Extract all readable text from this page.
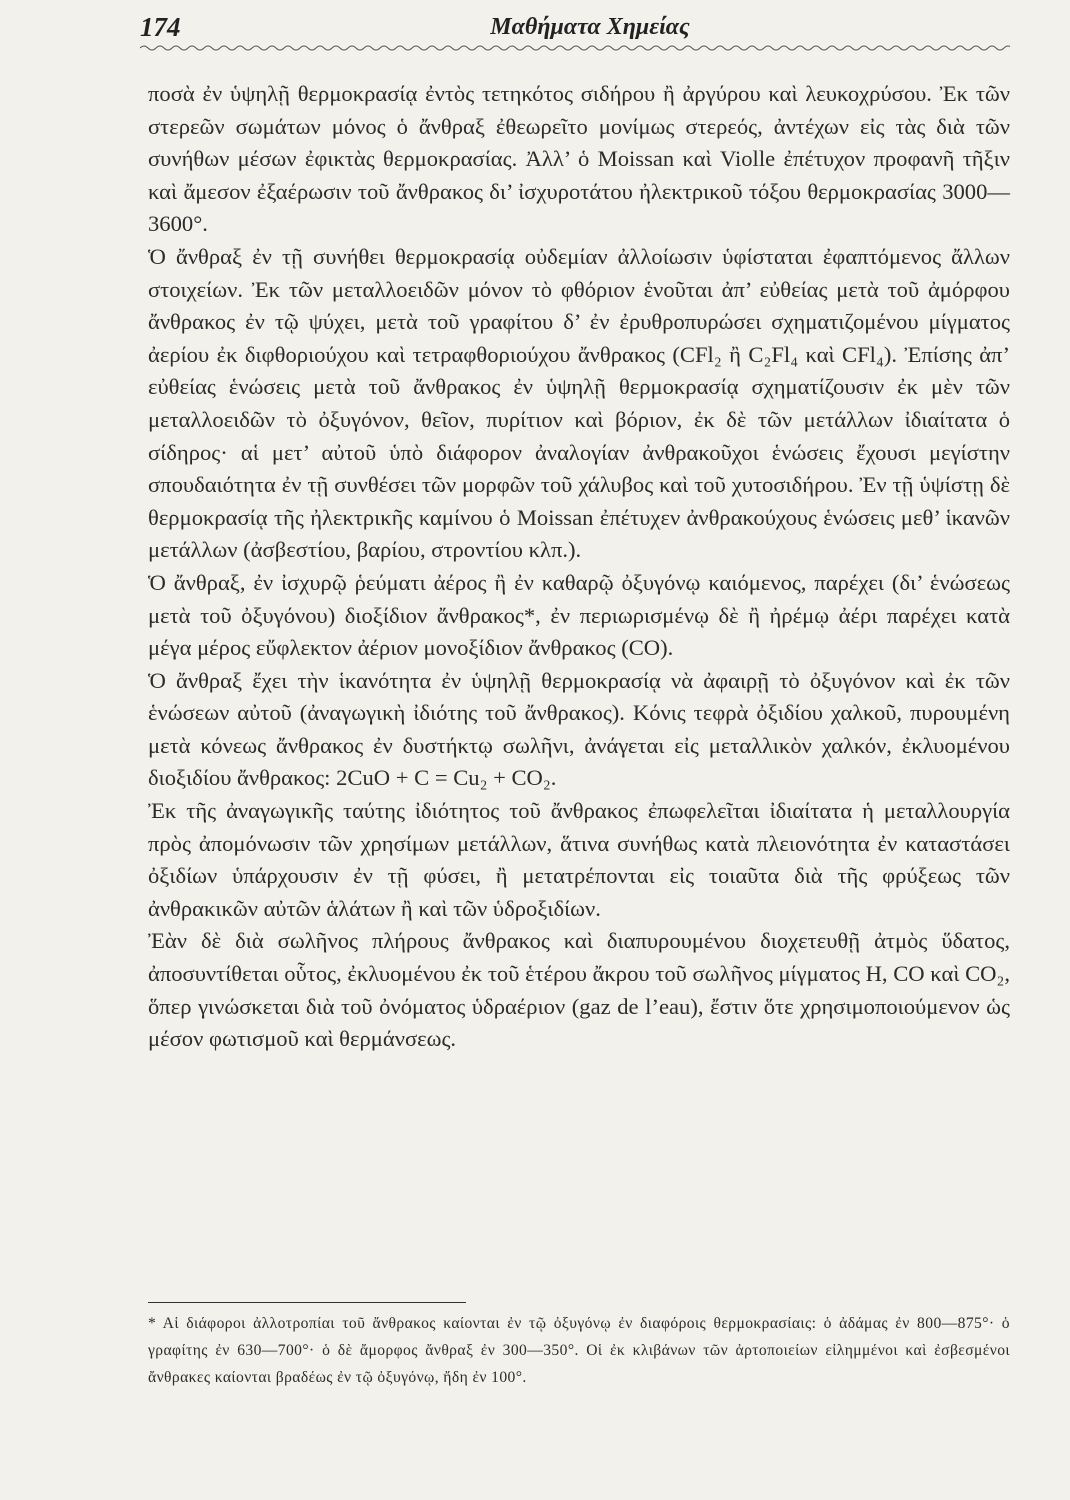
174	Μαθήματα Χημείας

ποσὰ ἐν ὑψηλῇ θερμοκρασίᾳ ἐντὸς τετηκότος σιδήρου ἢ ἀργύρου καὶ λευκοχρύσου. Ἐκ τῶν στερεῶν σωμάτων μόνος ὁ ἄνθραξ ἐθεωρεῖτο μονίμως στερεός, ἀντέχων εἰς τὰς διὰ τῶν συνήθων μέσων ἐφικτὰς θερμοκρασίας. Ἀλλ’ ὁ Moissan καὶ Violle ἐπέτυχον προφανῆ τῆξιν καὶ ἄμεσον ἐξαέρωσιν τοῦ ἄνθρακος δι’ ἰσχυροτάτου ἠλεκτρικοῦ τόξου θερμοκρασίας 3000—3600°.

Ὁ ἄνθραξ ἐν τῇ συνήθει θερμοκρασίᾳ οὐδεμίαν ἀλλοίωσιν ὑφίσταται ἐφαπτόμενος ἄλλων στοιχείων. Ἐκ τῶν μεταλλοειδῶν μόνον τὸ φθόριον ἑνοῦται ἀπ’ εὐθείας μετὰ τοῦ ἀμόρφου ἄνθρακος ἐν τῷ ψύχει, μετὰ τοῦ γραφίτου δ’ ἐν ἐρυθροπυρώσει σχηματιζομένου μίγματος ἀερίου ἐκ διφθοριούχου καὶ τετραφθοριούχου ἄνθρακος (CFl₂ ἢ C₂Fl₄ καὶ CFl₄). Ἐπίσης ἀπ’ εὐθείας ἑνώσεις μετὰ τοῦ ἄνθρακος ἐν ὑψηλῇ θερμοκρασίᾳ σχηματίζουσιν ἐκ μὲν τῶν μεταλλοειδῶν τὸ ὀξυγόνον, θεῖον, πυρίτιον καὶ βόριον, ἐκ δὲ τῶν μετάλλων ἰδιαίτατα ὁ σίδηρος· αἱ μετ’ αὐτοῦ ὑπὸ διάφορον ἀναλογίαν ἀνθρακοῦχοι ἑνώσεις ἔχουσι μεγίστην σπουδαιότητα ἐν τῇ συνθέσει τῶν μορφῶν τοῦ χάλυβος καὶ τοῦ χυτοσιδήρου. Ἐν τῇ ὑψίστῃ δὲ θερμοκρασίᾳ τῆς ἠλεκτρικῆς καμίνου ὁ Moissan ἐπέτυχεν ἀνθρακούχους ἑνώσεις μεθ’ ἱκανῶν μετάλλων (ἀσβεστίου, βαρίου, στροντίου κλπ.).

Ὁ ἄνθραξ, ἐν ἰσχυρῷ ῥεύματι ἀέρος ἢ ἐν καθαρῷ ὀξυγόνῳ καιόμενος, παρέχει (δι’ ἑνώσεως μετὰ τοῦ ὀξυγόνου) διοξίδιον ἄνθρακος*, ἐν περιωρισμένῳ δὲ ἢ ἠρέμῳ ἀέρι παρέχει κατὰ μέγα μέρος εὔφλεκτον ἀέριον μονοξίδιον ἄνθρακος (CO).

Ὁ ἄνθραξ ἔχει τὴν ἱκανότητα ἐν ὑψηλῇ θερμοκρασίᾳ νὰ ἀφαιρῇ τὸ ὀξυγόνον καὶ ἐκ τῶν ἑνώσεων αὐτοῦ (ἀναγωγικὴ ἰδιότης τοῦ ἄνθρακος). Κόνις τεφρὰ ὀξιδίου χαλκοῦ, πυρουμένη μετὰ κόνεως ἄνθρακος ἐν δυστήκτῳ σωλῆνι, ἀνάγεται εἰς μεταλλικὸν χαλκόν, ἐκλυομένου διοξιδίου ἄνθρακος: 2CuO + C = Cu₂ + CO₂.

Ἐκ τῆς ἀναγωγικῆς ταύτης ἰδιότητος τοῦ ἄνθρακος ἐπωφελεῖται ἰδιαίτατα ἡ μεταλλουργία πρὸς ἀπομόνωσιν τῶν χρησίμων μετάλλων, ἅτινα συνήθως κατὰ πλειονότητα ἐν καταστάσει ὀξιδίων ὑπάρχουσιν ἐν τῇ φύσει, ἢ μετατρέπονται εἰς τοιαῦτα διὰ τῆς φρύξεως τῶν ἀνθρακικῶν αὐτῶν ἁλάτων ἢ καὶ τῶν ὑδροξιδίων.

Ἐὰν δὲ διὰ σωλῆνος πλήρους ἄνθρακος καὶ διαπυρουμένου διοχετευθῇ ἀτμὸς ὕδατος, ἀποσυντίθεται οὗτος, ἐκλυομένου ἐκ τοῦ ἑτέρου ἄκρου τοῦ σωλῆνος μίγματος H, CO καὶ CO₂, ὅπερ γινώσκεται διὰ τοῦ ὀνόματος ὑδραέριον (gaz de l’eau), ἔστιν ὅτε χρησιμοποιούμενον ὡς μέσον φωτισμοῦ καὶ θερμάνσεως.

* Αἱ διάφοροι ἀλλοτροπίαι τοῦ ἄνθρακος καίονται ἐν τῷ ὀξυγόνῳ ἐν διαφόροις θερμοκρασίαις: ὁ ἀδάμας ἐν 800—875°· ὁ γραφίτης ἐν 630—700°· ὁ δὲ ἄμορφος ἄνθραξ ἐν 300—350°. Οἱ ἐκ κλιβάνων τῶν ἀρτοποιείων εἰλημμένοι καὶ ἐσβεσμένοι ἄνθρακες καίονται βραδέως ἐν τῷ ὀξυγόνῳ, ἤδη ἐν 100°.
